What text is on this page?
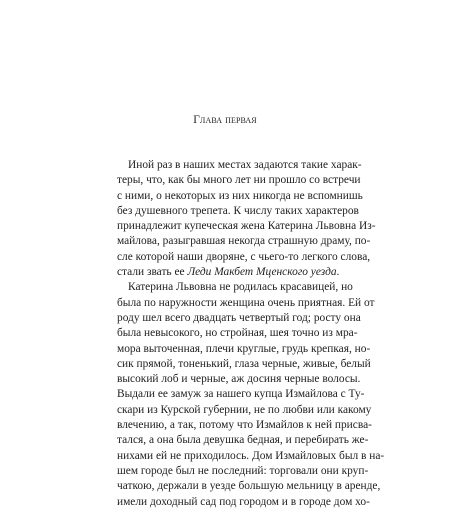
Глава первая
Иной раз в наших местах задаются такие харак-
теры, что, как бы много лет ни прошло со встречи
с ними, о некоторых из них никогда не вспомнишь
без душевного трепета. К числу таких характеров
принадлежит купеческая жена Катерина Львовна Из-
майлова, разыгравшая некогда страшную драму, по-
сле которой наши дворяне, с чьего-то легкого слова,
стали звать ее Леди Макбет Мценского уезда.
Катерина Львовна не родилась красавицей, но
была по наружности женщина очень приятная. Ей от
роду шел всего двадцать четвертый год; росту она
была невысокого, но стройная, шея точно из мра-
мора выточенная, плечи круглые, грудь крепкая, но-
сик прямой, тоненький, глаза черные, живые, белый
высокий лоб и черные, аж досиня черные волосы.
Выдали ее замуж за нашего купца Измайлова с Ту-
скари из Курской губернии, не по любви или какому
влечению, а так, потому что Измайлов к ней присва-
тался, а она была девушка бедная, и перебирать же-
нихами ей не приходилось. Дом Измайловых был в на-
шем городе был не последний: торговали они круп-
чаткою, держали в уезде большую мельницу в аренде,
имели доходный сад под городом и в городе дом хо-
